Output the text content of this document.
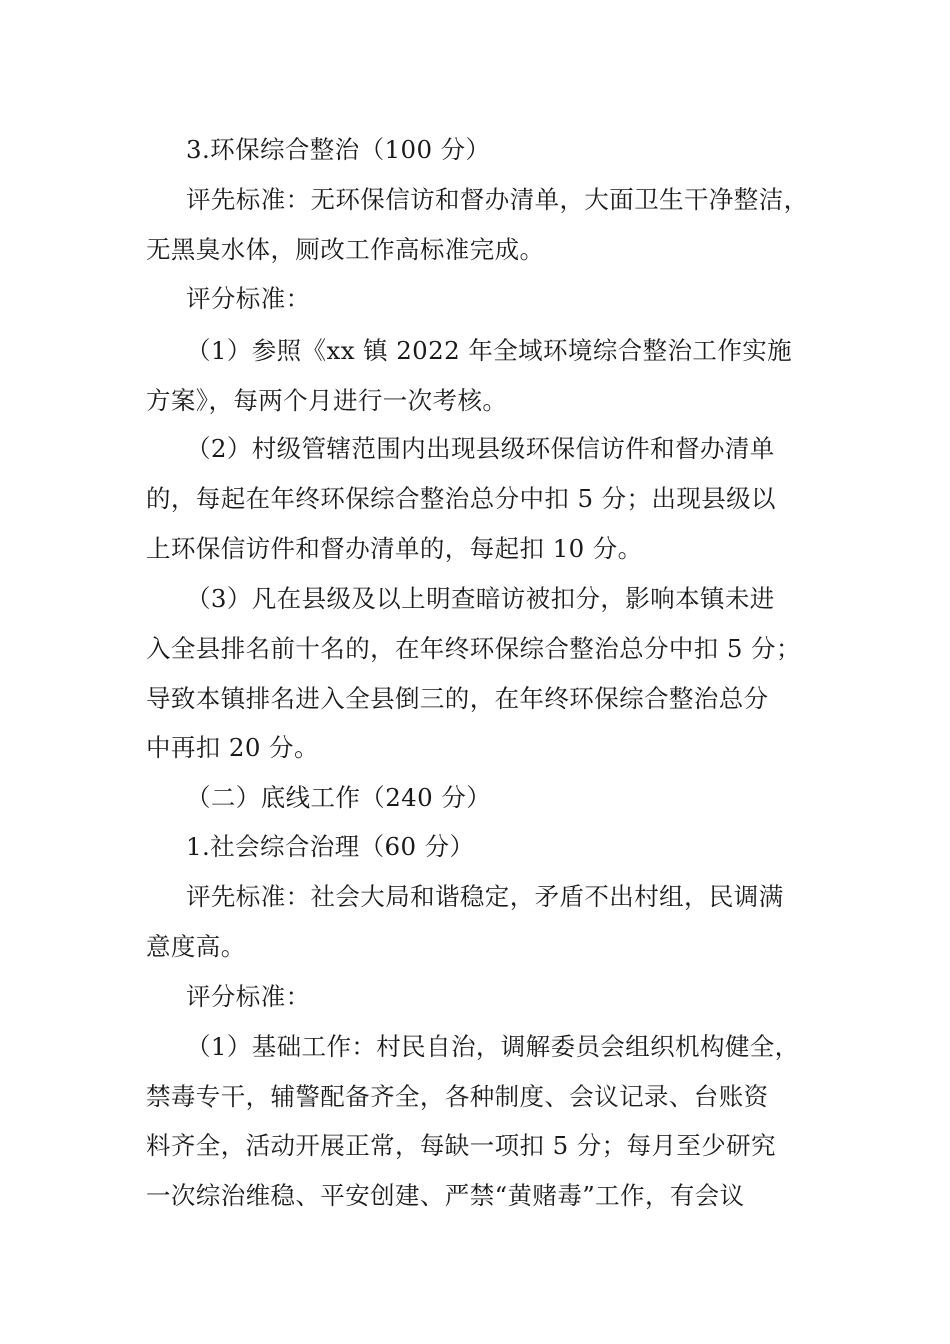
3.环保综合整治（100 分）
评先标准：无环保信访和督办清单，大面卫生干净整洁，
无黑臭水体，厕改工作高标准完成。
评分标准：
（1）参照《xx 镇 2022 年全域环境综合整治工作实施
方案》，每两个月进行一次考核。
（2）村级管辖范围内出现县级环保信访件和督办清单
的，每起在年终环保综合整治总分中扣 5 分；出现县级以
上环保信访件和督办清单的，每起扣 10 分。
（3）凡在县级及以上明查暗访被扣分，影响本镇未进
入全县排名前十名的，在年终环保综合整治总分中扣 5 分；
导致本镇排名进入全县倒三的，在年终环保综合整治总分
中再扣 20 分。
（二）底线工作（240 分）
1.社会综合治理（60 分）
评先标准：社会大局和谐稳定，矛盾不出村组，民调满
意度高。
评分标准：
（1）基础工作：村民自治，调解委员会组织机构健全，
禁毒专干，辅警配备齐全，各种制度、会议记录、台账资
料齐全，活动开展正常，每缺一项扣 5 分；每月至少研究
一次综治维稳、平安创建、严禁“黄赌毒”工作，有会议
